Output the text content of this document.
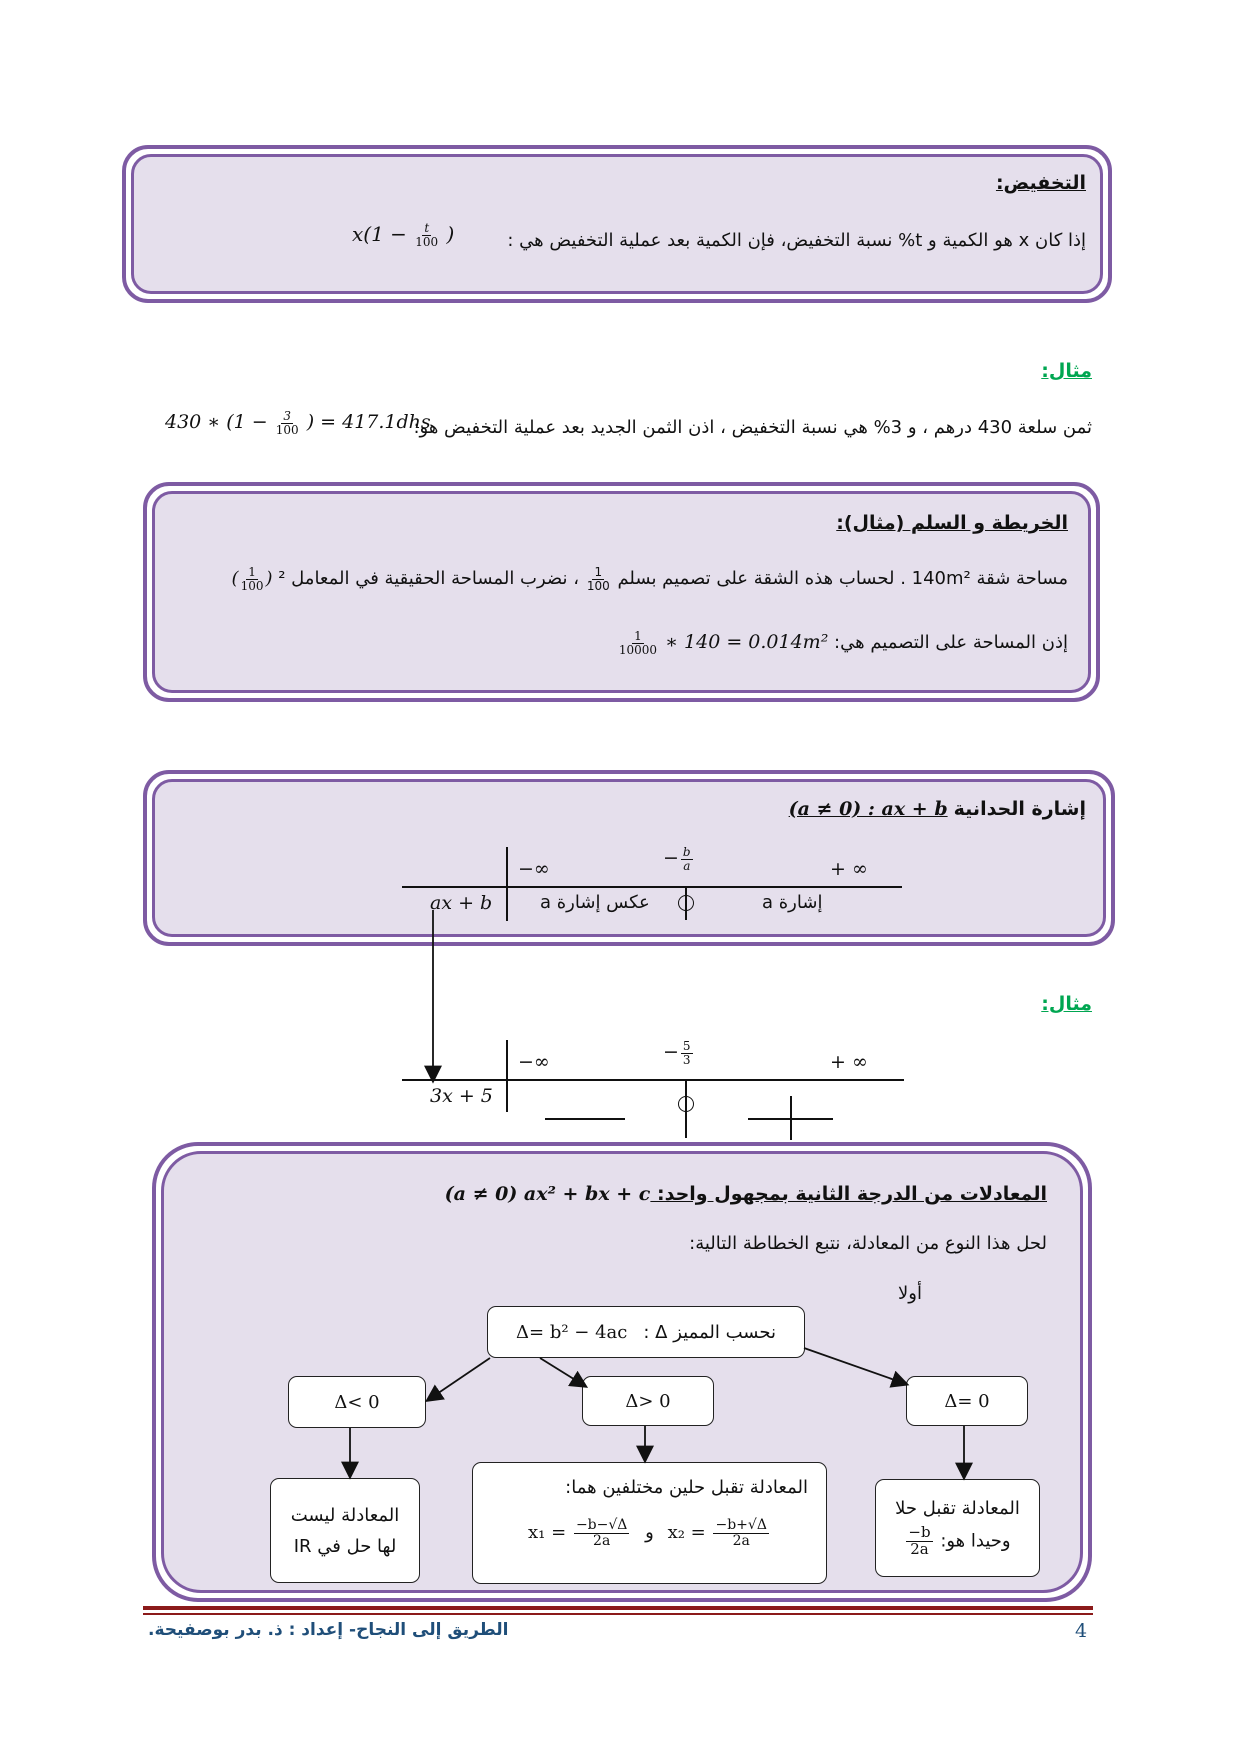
التخفيض:
إذا كان x هو الكمية و t% نسبة التخفيض، فإن الكمية بعد عملية التخفيض هي :
$x(1 - \frac{t}{100}$ )
مثال:
ثمن سلعة 430 درهم ، و 3% هي نسبة التخفيض ، اذن الثمن الجديد بعد عملية التخفيض هو:
430 ∗ ($1 - \frac{3}{100}$ ) = 417.1dhs
الخريطة و السلم (مثال):
مساحة شقة 140m² . لحساب هذه الشقة على تصميم بسلم
$\frac{1}{100}$
، نضرب المساحة الحقيقية في المعامل ² ( $\frac{1}{100}$ )
إذن المساحة على التصميم هي:
$\frac{1}{10000}$ ∗ 140 = 0.014m²
إشارة الحدانية (a ≠ 0) : ax + b
−∞	− $\frac{b}{a}$	+ ∞
ax + b	عكس إشارة a	إشارة a
مثال:
−∞	− $\frac{5}{3}$	+ ∞
3x + 5
المعادلات من الدرجة الثانية بمجهول واحد: (a ≠ 0) ax² + bx + c
لحل هذا النوع من المعادلة، نتبع الخطاطة التالية:
أولا
Δ= b² − 4ac نحسب المميز Δ :
Δ< 0	Δ> 0	Δ= 0
المعادلة ليست
لها حل في IR
المعادلة تقبل حلين مختلفين هما:
$x_1 = \frac{-b-√\Delta}{2a}$ و $x_2 = \frac{-b+√\Delta}{2a}$
المعادلة تقبل حلا
وحيدا هو:
$\frac{-b}{2a}$
4
الطريق إلى النجاح- إعداد : ذ. بدر بوصفيحة.
